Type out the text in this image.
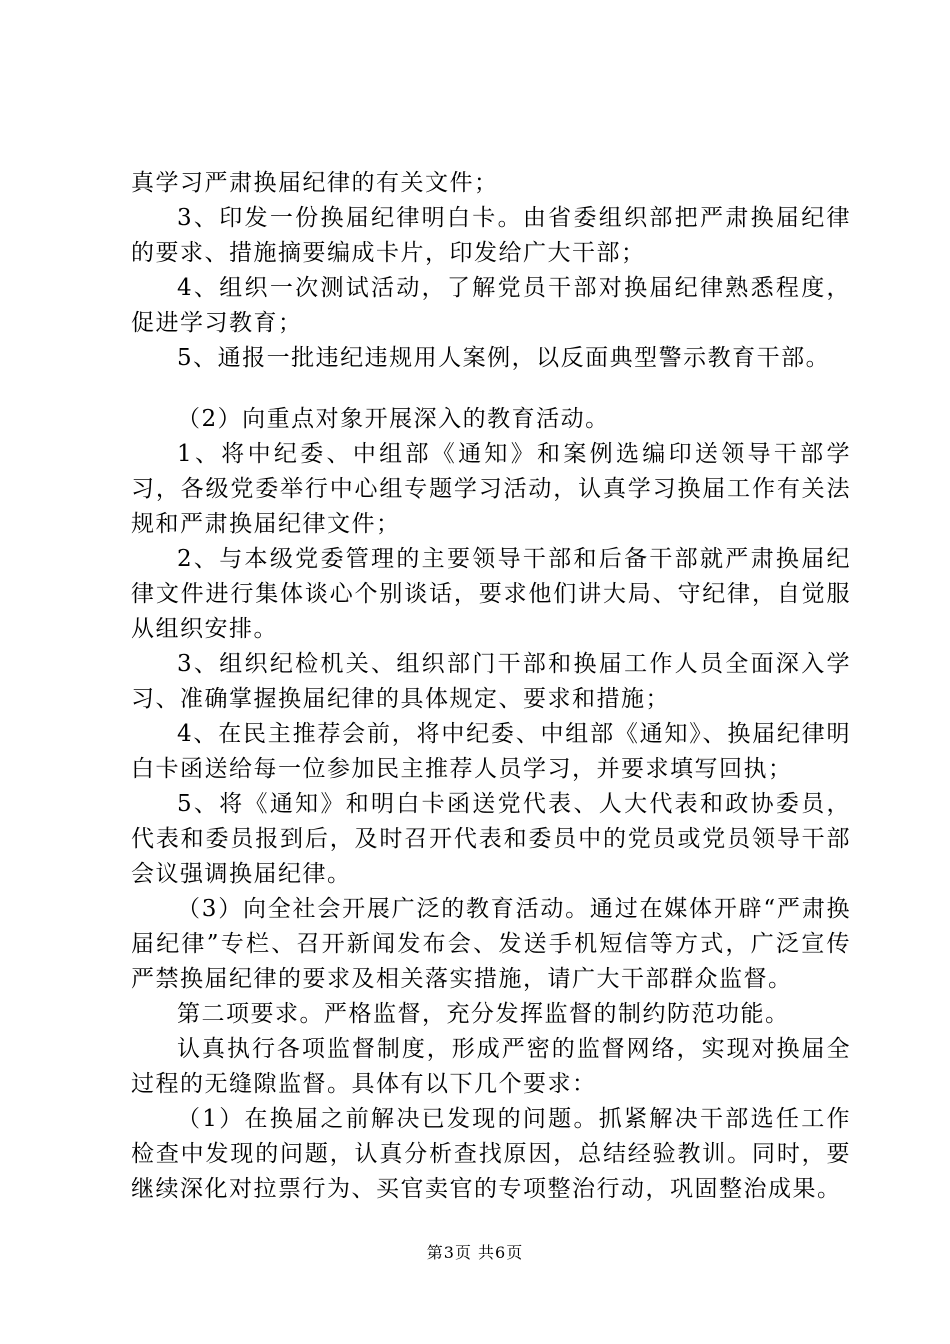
真学习严肃换届纪律的有关文件；

3、印发一份换届纪律明白卡。由省委组织部把严肃换届纪律的要求、措施摘要编成卡片，印发给广大干部；

4、组织一次测试活动，了解党员干部对换届纪律熟悉程度，促进学习教育；

5、通报一批违纪违规用人案例，以反面典型警示教育干部。

（2）向重点对象开展深入的教育活动。

1、将中纪委、中组部《通知》和案例选编印送领导干部学习，各级党委举行中心组专题学习活动，认真学习换届工作有关法规和严肃换届纪律文件；

2、与本级党委管理的主要领导干部和后备干部就严肃换届纪律文件进行集体谈心个别谈话，要求他们讲大局、守纪律，自觉服从组织安排。

3、组织纪检机关、组织部门干部和换届工作人员全面深入学习、准确掌握换届纪律的具体规定、要求和措施；

4、在民主推荐会前，将中纪委、中组部《通知》、换届纪律明白卡函送给每一位参加民主推荐人员学习，并要求填写回执；

5、将《通知》和明白卡函送党代表、人大代表和政协委员，代表和委员报到后，及时召开代表和委员中的党员或党员领导干部会议强调换届纪律。

（3）向全社会开展广泛的教育活动。通过在媒体开辟“严肃换届纪律”专栏、召开新闻发布会、发送手机短信等方式，广泛宣传严禁换届纪律的要求及相关落实措施，请广大干部群众监督。

第二项要求。严格监督，充分发挥监督的制约防范功能。

认真执行各项监督制度，形成严密的监督网络，实现对换届全过程的无缝隙监督。具体有以下几个要求：

（1）在换届之前解决已发现的问题。抓紧解决干部选任工作检查中发现的问题，认真分析查找原因，总结经验教训。同时，要继续深化对拉票行为、买官卖官的专项整治行动，巩固整治成果。

第3页 共6页
